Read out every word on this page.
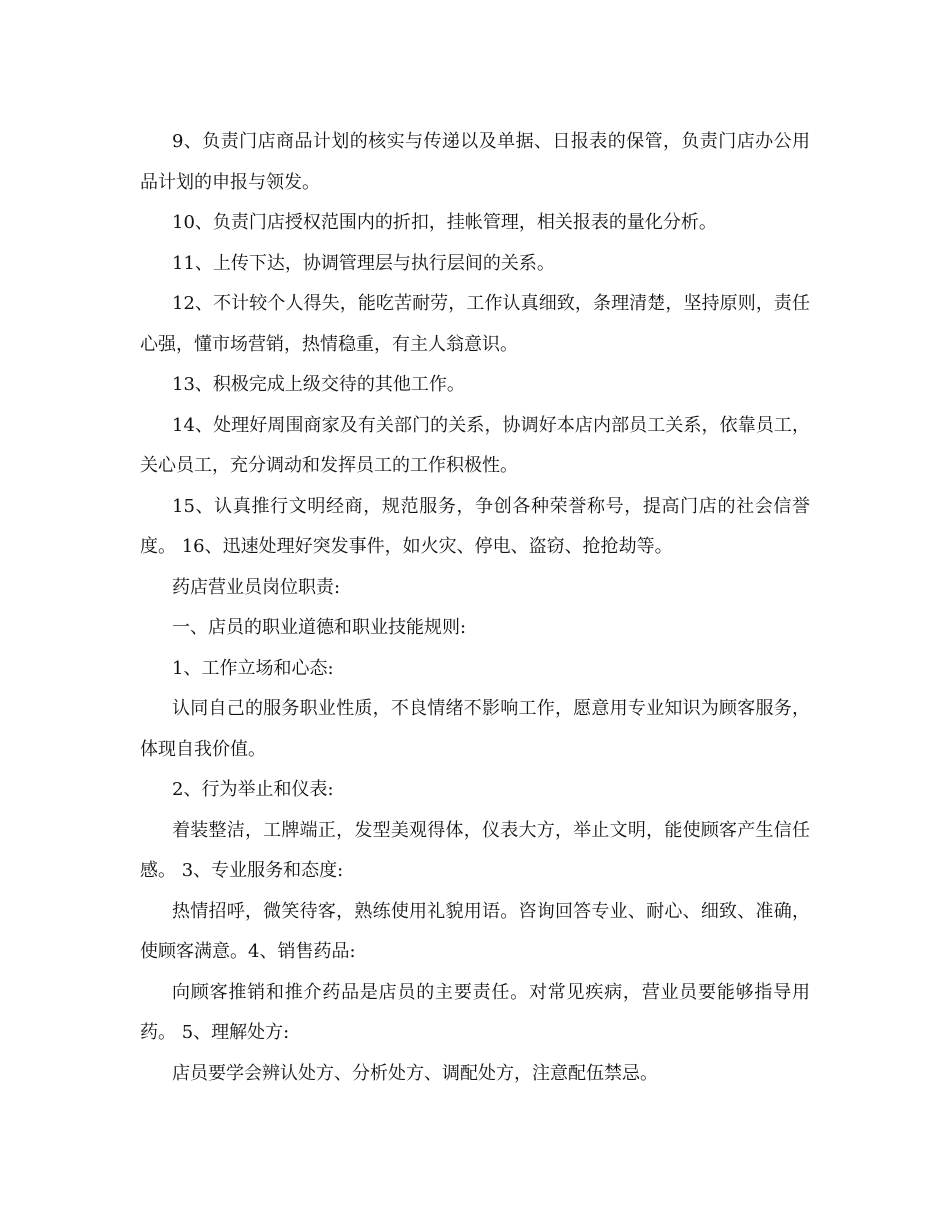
9、负责门店商品计划的核实与传递以及单据、日报表的保管，负责门店办公用品计划的申报与领发。

10、负责门店授权范围内的折扣，挂帐管理，相关报表的量化分析。

11、上传下达，协调管理层与执行层间的关系。

12、不计较个人得失，能吃苦耐劳，工作认真细致，条理清楚，坚持原则，责任心强，懂市场营销，热情稳重，有主人翁意识。

13、积极完成上级交待的其他工作。

14、处理好周围商家及有关部门的关系，协调好本店内部员工关系，依靠员工，关心员工，充分调动和发挥员工的工作积极性。

15、认真推行文明经商，规范服务，争创各种荣誉称号，提高门店的社会信誉度。 16、迅速处理好突发事件，如火灾、停电、盗窃、抢抢劫等。

药店营业员岗位职责:

一、店员的职业道德和职业技能规则:

1、工作立场和心态:

认同自己的服务职业性质，不良情绪不影响工作，愿意用专业知识为顾客服务，体现自我价值。

2、行为举止和仪表:

着装整洁，工牌端正，发型美观得体，仪表大方，举止文明，能使顾客产生信任感。 3、专业服务和态度:

热情招呼，微笑待客，熟练使用礼貌用语。咨询回答专业、耐心、细致、准确，使顾客满意。4、销售药品:

向顾客推销和推介药品是店员的主要责任。对常见疾病，营业员要能够指导用药。 5、理解处方:

店员要学会辨认处方、分析处方、调配处方，注意配伍禁忌。
